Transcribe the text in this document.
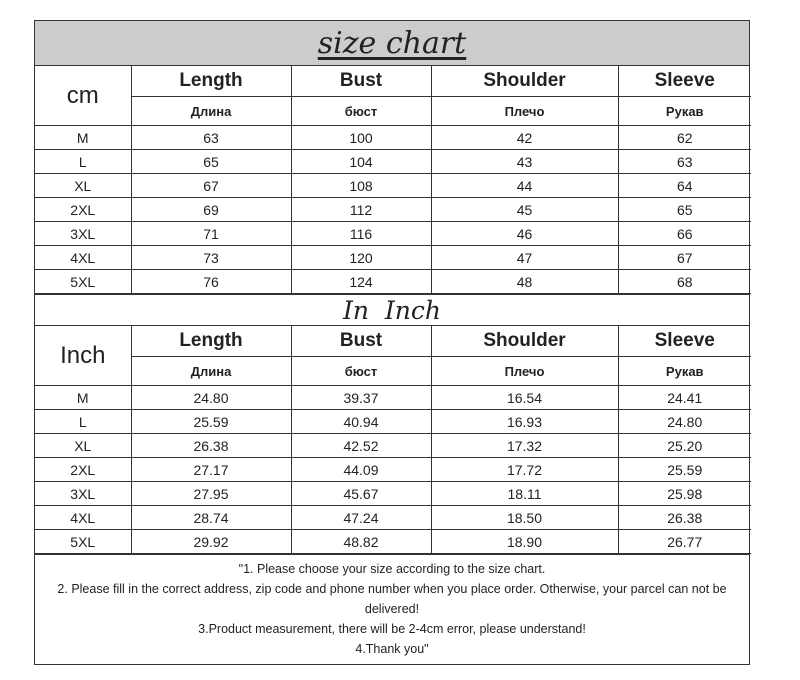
size chart
cm	Length	Bust	Shoulder	Sleeve
	Длина	бюст	Плечо	Рукав
M	63	100	42	62
L	65	104	43	63
XL	67	108	44	64
2XL	69	112	45	65
3XL	71	116	46	66
4XL	73	120	47	67
5XL	76	124	48	68
In  Inch
Inch	Length	Bust	Shoulder	Sleeve
	Длина	бюст	Плечо	Рукав
M	24.80	39.37	16.54	24.41
L	25.59	40.94	16.93	24.80
XL	26.38	42.52	17.32	25.20
2XL	27.17	44.09	17.72	25.59
3XL	27.95	45.67	18.11	25.98
4XL	28.74	47.24	18.50	26.38
5XL	29.92	48.82	18.90	26.77
"1. Please choose your size according to the size chart.
2. Please fill in the correct address, zip code and phone number when you place order. Otherwise, your parcel can not be delivered!
3.Product measurement, there will be 2-4cm error, please understand!
4.Thank you"
